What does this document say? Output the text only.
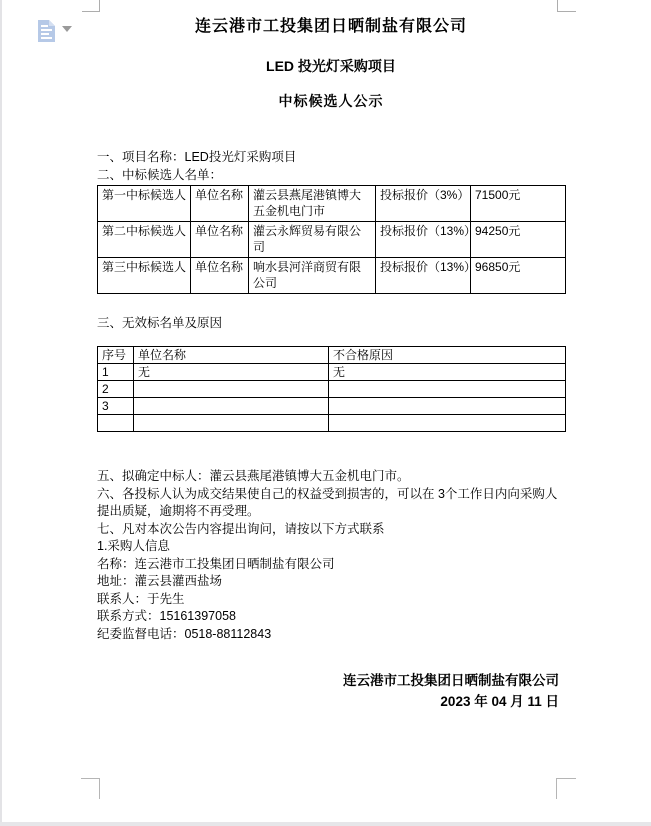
连云港市工投集团日晒制盐有限公司
LED 投光灯采购项目
中标候选人公示

一、项目名称：LED投光灯采购项目

二、中标候选人名单：

第一中标候选人	单位名称	灌云县燕尾港镇博大五金机电门市	投标报价（3%）	71500元
第二中标候选人	单位名称	灌云永辉贸易有限公司	投标报价（13%）	94250元
第三中标候选人	单位名称	响水县河洋商贸有限公司	投标报价（13%）	96850元

三、无效标名单及原因

序号	单位名称	不合格原因
1	无	无
2		
3		

五、拟确定中标人：灌云县燕尾港镇博大五金机电门市。

六、各投标人认为成交结果使自己的权益受到损害的，可以在 3个工作日内向采购人提出质疑，逾期将不再受理。

七、凡对本次公告内容提出询问，请按以下方式联系

1.采购人信息

名称：连云港市工投集团日晒制盐有限公司

地址：灌云县灌西盐场

联系人：于先生

联系方式：15161397058

纪委监督电话：0518-88112843

连云港市工投集团日晒制盐有限公司

2023 年 04 月 11 日
